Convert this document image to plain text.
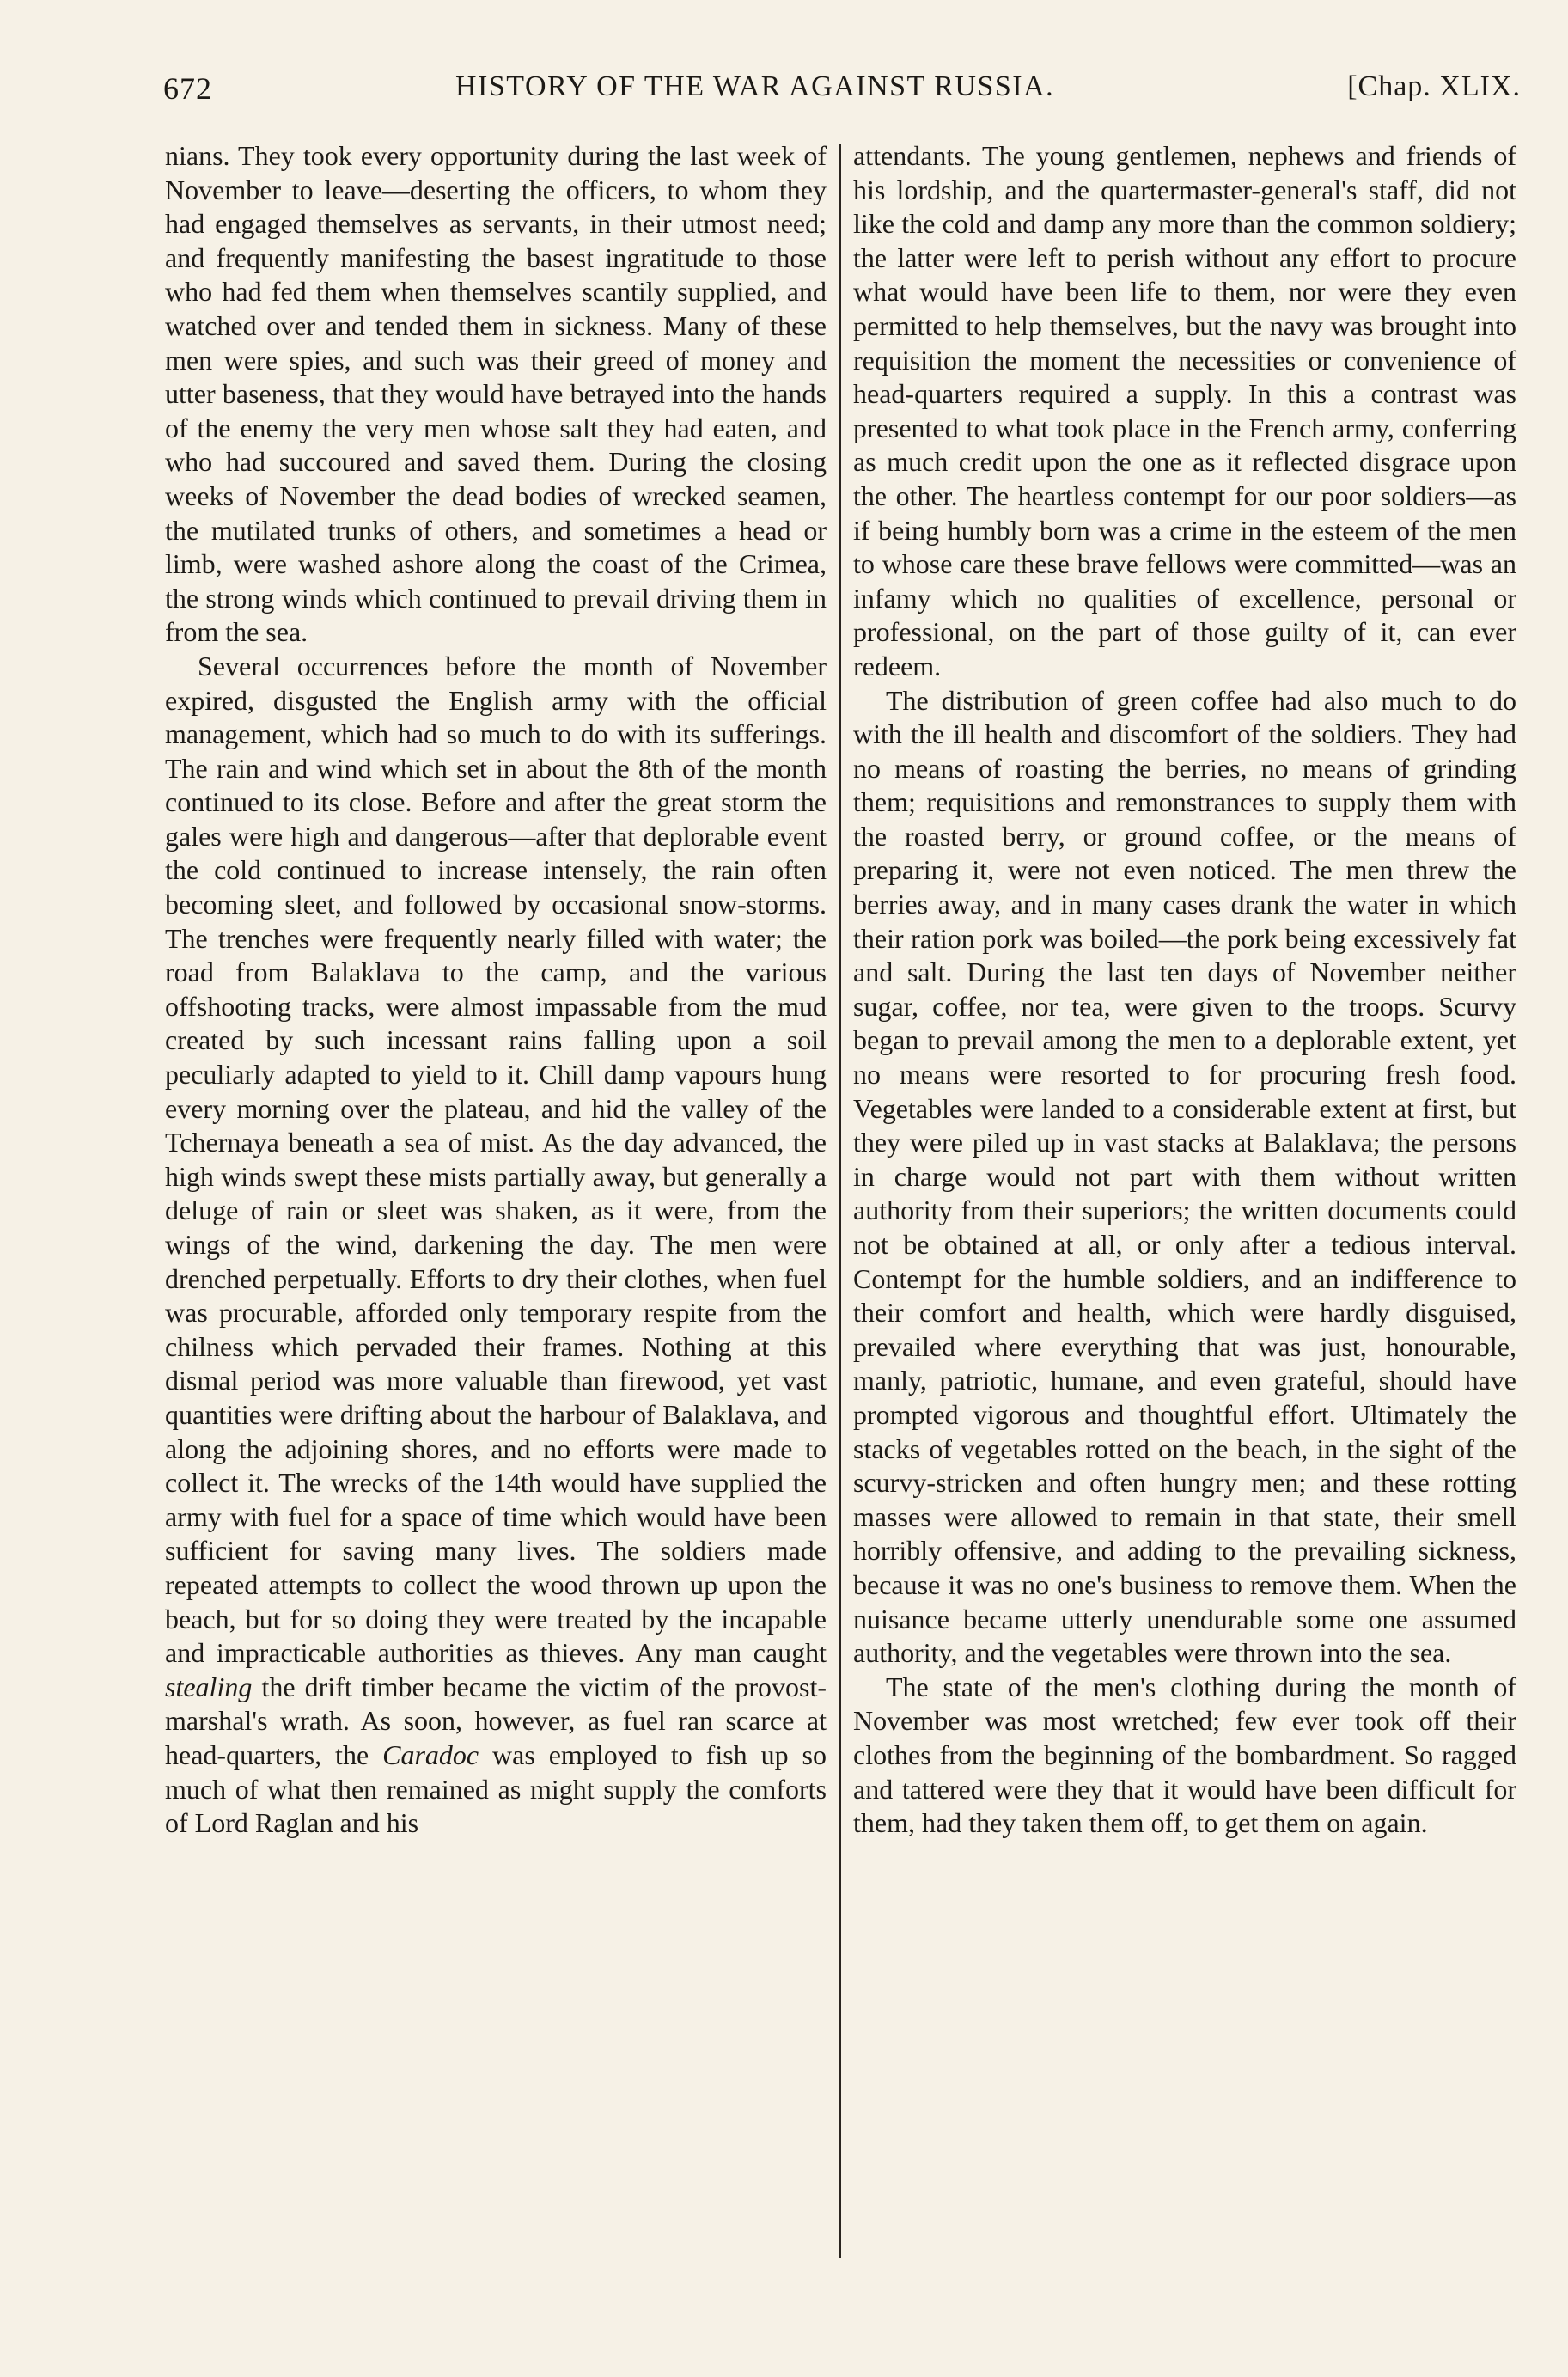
672	HISTORY OF THE WAR AGAINST RUSSIA.	[Chap. XLIX.

nians. They took every opportunity during the last week of November to leave—deserting the officers, to whom they had engaged themselves as servants, in their utmost need; and frequently manifesting the basest ingratitude to those who had fed them when themselves scantily supplied, and watched over and tended them in sickness. Many of these men were spies, and such was their greed of money and utter baseness, that they would have betrayed into the hands of the enemy the very men whose salt they had eaten, and who had succoured and saved them. During the closing weeks of November the dead bodies of wrecked seamen, the mutilated trunks of others, and sometimes a head or limb, were washed ashore along the coast of the Crimea, the strong winds which continued to prevail driving them in from the sea.

Several occurrences before the month of November expired, disgusted the English army with the official management, which had so much to do with its sufferings. The rain and wind which set in about the 8th of the month continued to its close. Before and after the great storm the gales were high and dangerous—after that deplorable event the cold continued to increase intensely, the rain often becoming sleet, and followed by occasional snow-storms. The trenches were frequently nearly filled with water; the road from Balaklava to the camp, and the various offshooting tracks, were almost impassable from the mud created by such incessant rains falling upon a soil peculiarly adapted to yield to it. Chill damp vapours hung every morning over the plateau, and hid the valley of the Tchernaya beneath a sea of mist. As the day advanced, the high winds swept these mists partially away, but generally a deluge of rain or sleet was shaken, as it were, from the wings of the wind, darkening the day. The men were drenched perpetually. Efforts to dry their clothes, when fuel was procurable, afforded only temporary respite from the chilness which pervaded their frames. Nothing at this dismal period was more valuable than firewood, yet vast quantities were drifting about the harbour of Balaklava, and along the adjoining shores, and no efforts were made to collect it. The wrecks of the 14th would have supplied the army with fuel for a space of time which would have been sufficient for saving many lives. The soldiers made repeated attempts to collect the wood thrown up upon the beach, but for so doing they were treated by the incapable and impracticable authorities as thieves. Any man caught stealing the drift timber became the victim of the provost-marshal's wrath. As soon, however, as fuel ran scarce at head-quarters, the Caradoc was employed to fish up so much of what then remained as might supply the comforts of Lord Raglan and his

attendants. The young gentlemen, nephews and friends of his lordship, and the quartermaster-general's staff, did not like the cold and damp any more than the common soldiery; the latter were left to perish without any effort to procure what would have been life to them, nor were they even permitted to help themselves, but the navy was brought into requisition the moment the necessities or convenience of head-quarters required a supply. In this a contrast was presented to what took place in the French army, conferring as much credit upon the one as it reflected disgrace upon the other. The heartless contempt for our poor soldiers—as if being humbly born was a crime in the esteem of the men to whose care these brave fellows were committed—was an infamy which no qualities of excellence, personal or professional, on the part of those guilty of it, can ever redeem.

The distribution of green coffee had also much to do with the ill health and discomfort of the soldiers. They had no means of roasting the berries, no means of grinding them; requisitions and remonstrances to supply them with the roasted berry, or ground coffee, or the means of preparing it, were not even noticed. The men threw the berries away, and in many cases drank the water in which their ration pork was boiled—the pork being excessively fat and salt. During the last ten days of November neither sugar, coffee, nor tea, were given to the troops. Scurvy began to prevail among the men to a deplorable extent, yet no means were resorted to for procuring fresh food. Vegetables were landed to a considerable extent at first, but they were piled up in vast stacks at Balaklava; the persons in charge would not part with them without written authority from their superiors; the written documents could not be obtained at all, or only after a tedious interval. Contempt for the humble soldiers, and an indifference to their comfort and health, which were hardly disguised, prevailed where everything that was just, honourable, manly, patriotic, humane, and even grateful, should have prompted vigorous and thoughtful effort. Ultimately the stacks of vegetables rotted on the beach, in the sight of the scurvy-stricken and often hungry men; and these rotting masses were allowed to remain in that state, their smell horribly offensive, and adding to the prevailing sickness, because it was no one's business to remove them. When the nuisance became utterly unendurable some one assumed authority, and the vegetables were thrown into the sea.

The state of the men's clothing during the month of November was most wretched; few ever took off their clothes from the beginning of the bombardment. So ragged and tattered were they that it would have been difficult for them, had they taken them off, to get them on again.
